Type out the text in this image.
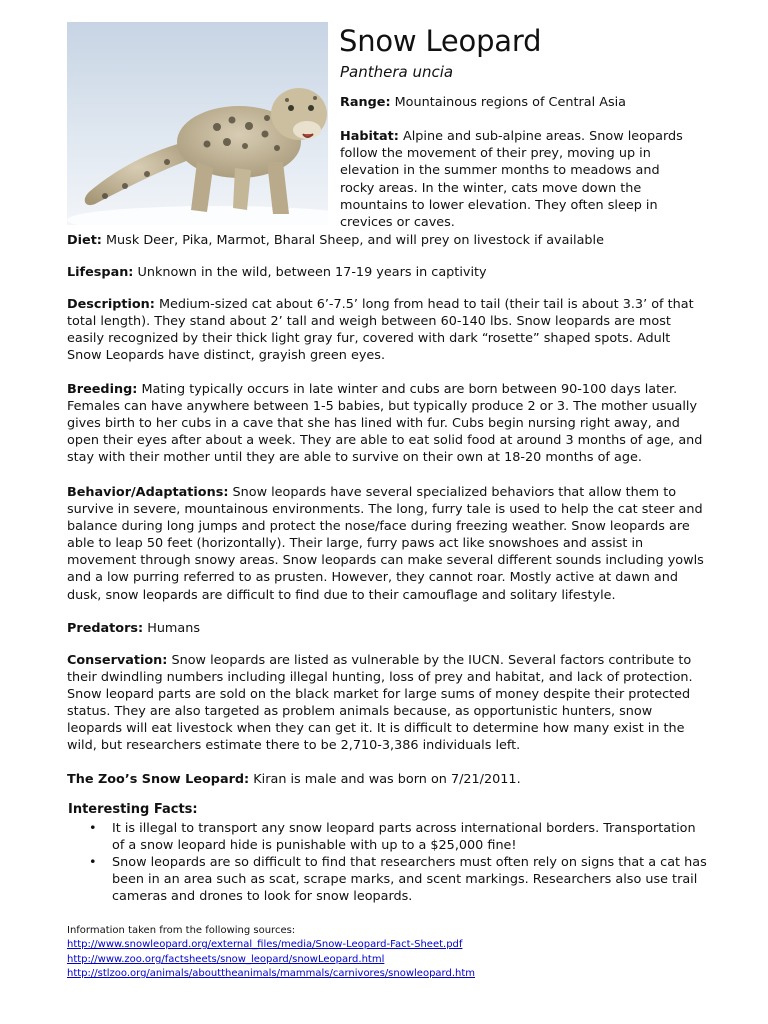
Snow Leopard
Panthera uncia
Range: Mountainous regions of Central Asia

Habitat: Alpine and sub-alpine areas. Snow leopards follow the movement of their prey, moving up in elevation in the summer months to meadows and rocky areas. In the winter, cats move down the mountains to lower elevation. They often sleep in crevices or caves.

Diet: Musk Deer, Pika, Marmot, Bharal Sheep, and will prey on livestock if available

Lifespan: Unknown in the wild, between 17-19 years in captivity

Description: Medium-sized cat about 6’-7.5’ long from head to tail (their tail is about 3.3’ of that total length). They stand about 2’ tall and weigh between 60-140 lbs. Snow leopards are most easily recognized by their thick light gray fur, covered with dark “rosette” shaped spots. Adult Snow Leopards have distinct, grayish green eyes.

Breeding: Mating typically occurs in late winter and cubs are born between 90-100 days later. Females can have anywhere between 1-5 babies, but typically produce 2 or 3. The mother usually gives birth to her cubs in a cave that she has lined with fur. Cubs begin nursing right away, and open their eyes after about a week. They are able to eat solid food at around 3 months of age, and stay with their mother until they are able to survive on their own at 18-20 months of age.

Behavior/Adaptations: Snow leopards have several specialized behaviors that allow them to survive in severe, mountainous environments. The long, furry tale is used to help the cat steer and balance during long jumps and protect the nose/face during freezing weather. Snow leopards are able to leap 50 feet (horizontally). Their large, furry paws act like snowshoes and assist in movement through snowy areas. Snow leopards can make several different sounds including yowls and a low purring referred to as prusten. However, they cannot roar. Mostly active at dawn and dusk, snow leopards are difficult to find due to their camouflage and solitary lifestyle.

Predators: Humans

Conservation: Snow leopards are listed as vulnerable by the IUCN. Several factors contribute to their dwindling numbers including illegal hunting, loss of prey and habitat, and lack of protection. Snow leopard parts are sold on the black market for large sums of money despite their protected status. They are also targeted as problem animals because, as opportunistic hunters, snow leopards will eat livestock when they can get it. It is difficult to determine how many exist in the wild, but researchers estimate there to be 2,710-3,386 individuals left.

The Zoo’s Snow Leopard: Kiran is male and was born on 7/21/2011.

Interesting Facts:
• It is illegal to transport any snow leopard parts across international borders. Transportation of a snow leopard hide is punishable with up to a $25,000 fine!
• Snow leopards are so difficult to find that researchers must often rely on signs that a cat has been in an area such as scat, scrape marks, and scent markings. Researchers also use trail cameras and drones to look for snow leopards.
Information taken from the following sources:
http://www.snowleopard.org/external_files/media/Snow-Leopard-Fact-Sheet.pdf
http://www.zoo.org/factsheets/snow_leopard/snowLeopard.html
http://stlzoo.org/animals/abouttheanimals/mammals/carnivores/snowleopard.htm
